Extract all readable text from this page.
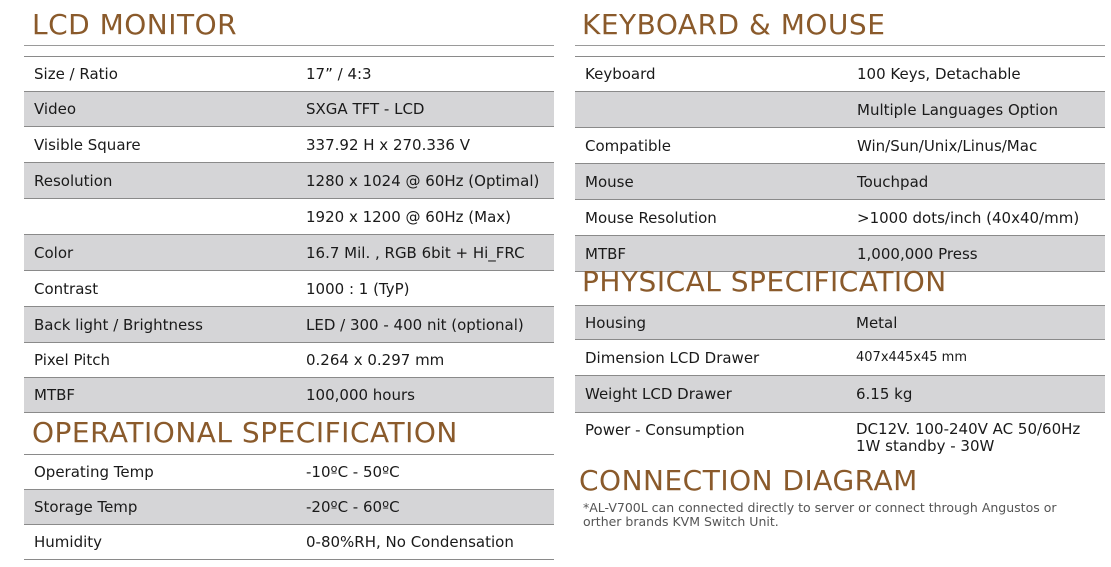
LCD MONITOR
Size / Ratio	17” / 4:3
Video	SXGA TFT - LCD
Visible Square	337.92 H x 270.336 V
Resolution	1280 x 1024 @ 60Hz (Optimal)
	1920 x 1200 @ 60Hz (Max)
Color	16.7 Mil. , RGB 6bit + Hi_FRC
Contrast	1000 : 1 (TyP)
Back light / Brightness	LED / 300 - 400 nit (optional)
Pixel Pitch	0.264 x 0.297 mm
MTBF	100,000 hours
OPERATIONAL SPECIFICATION
Operating Temp	-10ºC - 50ºC
Storage Temp	-20ºC - 60ºC
Humidity	0-80%RH, No Condensation
KEYBOARD & MOUSE
Keyboard	100 Keys, Detachable
	Multiple Languages Option
Compatible	Win/Sun/Unix/Linus/Mac
Mouse	Touchpad
Mouse Resolution	>1000 dots/inch (40x40/mm)
MTBF	1,000,000 Press
PHYSICAL SPECIFICATION
Housing	Metal
Dimension LCD Drawer	407x445x45 mm
Weight LCD Drawer	6.15 kg
Power - Consumption	DC12V. 100-240V AC 50/60Hz
1W standby - 30W
CONNECTION DIAGRAM
*AL-V700L can connected directly to server or connect through Angustos or
orther brands KVM Switch Unit.
